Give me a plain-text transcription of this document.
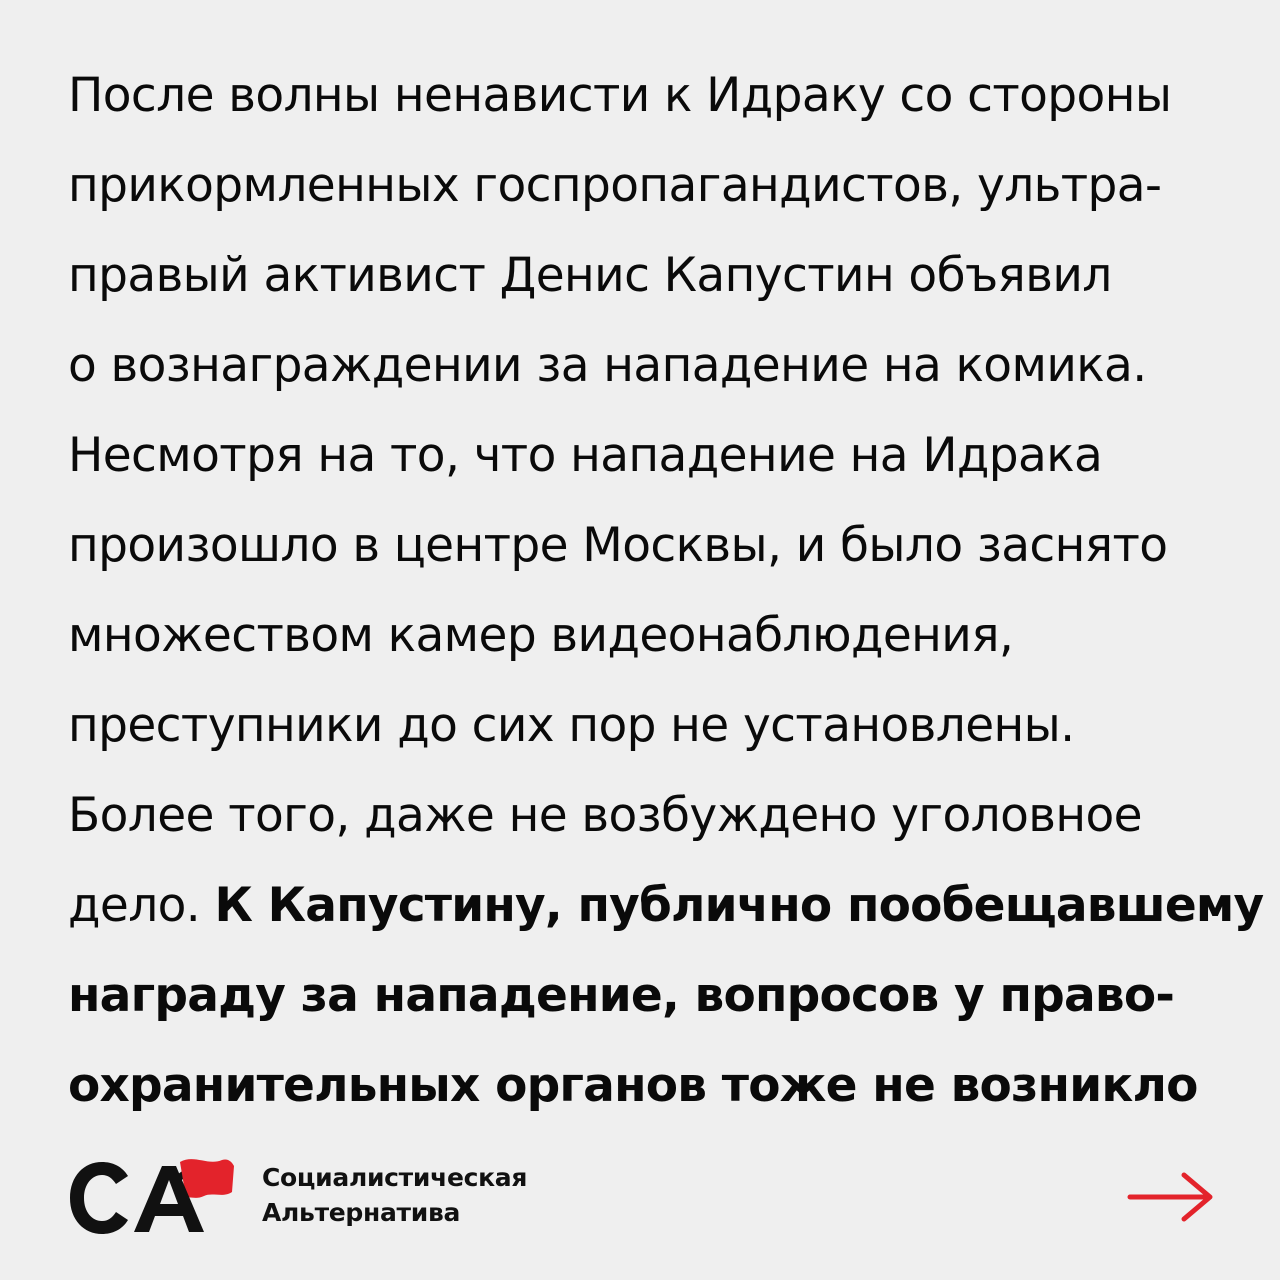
После волны ненависти к Идраку со стороны
прикормленных госпропагандистов, ультра-
правый активист Денис Капустин объявил
о вознаграждении за нападение на комика.
Несмотря на то, что нападение на Идрака
произошло в центре Москвы, и было заснято
множеством камер видеонаблюдения,
преступники до сих пор не установлены.
Более того, даже не возбуждено уголовное
дело. К Капустину, публично пообещавшему
награду за нападение, вопросов у право-
охранительных органов тоже не возникло
Социалистическая
Альтернатива
